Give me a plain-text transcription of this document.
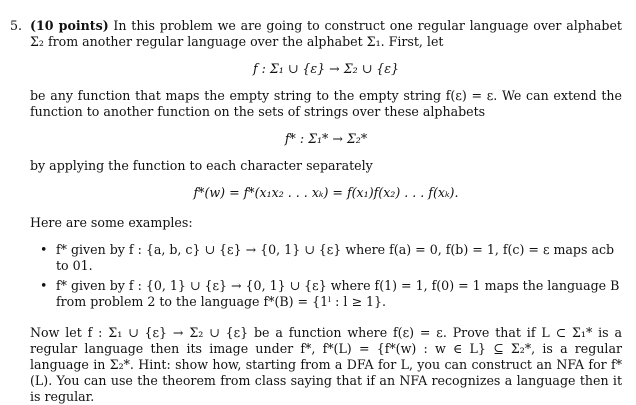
5. (10 points) In this problem we are going to construct one regular language over alphabet Σ₂ from another regular language over the alphabet Σ₁. First, let
f : Σ₁ ∪ {ε} → Σ₂ ∪ {ε}
be any function that maps the empty string to the empty string f(ε) = ε. We can extend the function to another function on the sets of strings over these alphabets
f* : Σ₁* → Σ₂*
by applying the function to each character separately
f*(w) = f*(x₁x₂ . . . xₖ) = f(x₁)f(x₂) . . . f(xₖ).
Here are some examples:
• f* given by f : {a, b, c} ∪ {ε} → {0, 1} ∪ {ε} where f(a) = 0, f(b) = 1, f(c) = ε maps acb to 01.
• f* given by f : {0, 1} ∪ {ε} → {0, 1} ∪ {ε} where f(1) = 1, f(0) = 1 maps the language B from problem 2 to the language f*(B) = {1ˡ : l ≥ 1}.
Now let f : Σ₁ ∪ {ε} → Σ₂ ∪ {ε} be a function where f(ε) = ε. Prove that if L ⊂ Σ₁* is a regular language then its image under f*, f*(L) = {f*(w) : w ∈ L} ⊆ Σ₂*, is a regular language in Σ₂*. Hint: show how, starting from a DFA for L, you can construct an NFA for f*(L). You can use the theorem from class saying that if an NFA recognizes a language then it is regular.
